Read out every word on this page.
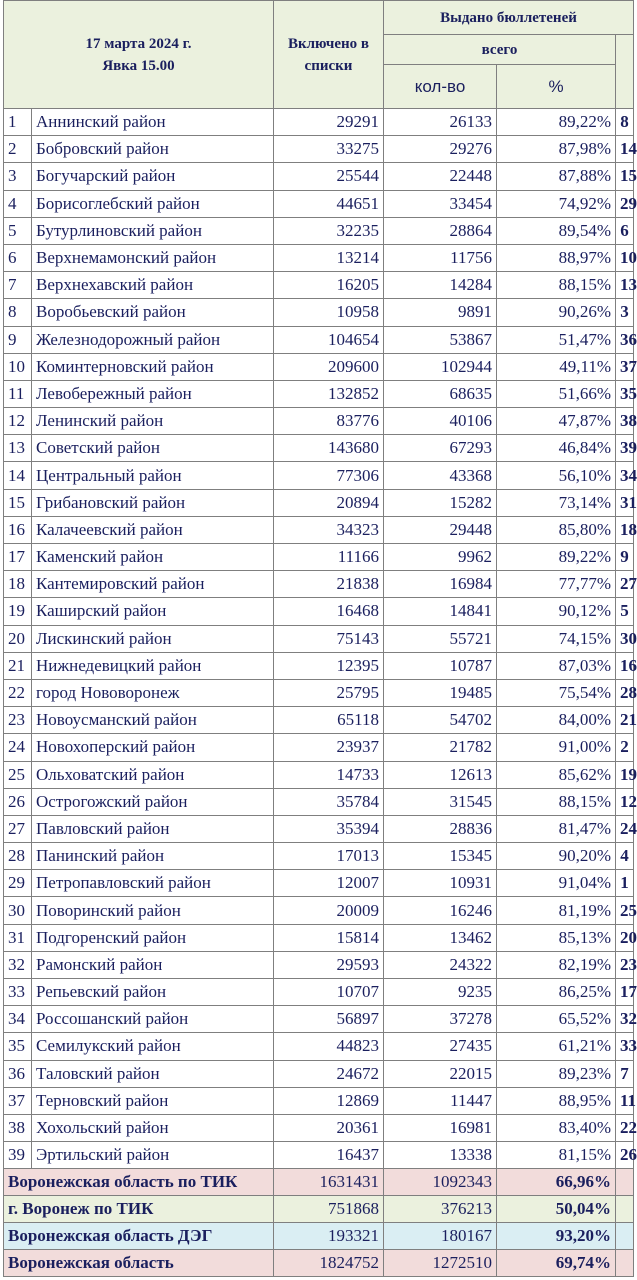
17 марта 2024 г.
Явка 15.00		Включено в списки	Выдано бюллетеней		
			всего		
			кол-во	%	
1	Аннинский район	29291	26133	89,22%	8
2	Бобровский район	33275	29276	87,98%	14
3	Богучарский район	25544	22448	87,88%	15
4	Борисоглебский район	44651	33454	74,92%	29
5	Бутурлиновский район	32235	28864	89,54%	6
6	Верхнемамонский район	13214	11756	88,97%	10
7	Верхнехавский район	16205	14284	88,15%	13
8	Воробьевский район	10958	9891	90,26%	3
9	Железнодорожный район	104654	53867	51,47%	36
10	Коминтерновский район	209600	102944	49,11%	37
11	Левобережный район	132852	68635	51,66%	35
12	Ленинский район	83776	40106	47,87%	38
13	Советский район	143680	67293	46,84%	39
14	Центральный район	77306	43368	56,10%	34
15	Грибановский район	20894	15282	73,14%	31
16	Калачеевский район	34323	29448	85,80%	18
17	Каменский район	11166	9962	89,22%	9
18	Кантемировский район	21838	16984	77,77%	27
19	Каширский район	16468	14841	90,12%	5
20	Лискинский район	75143	55721	74,15%	30
21	Нижнедевицкий район	12395	10787	87,03%	16
22	город Нововоронеж	25795	19485	75,54%	28
23	Новоусманский район	65118	54702	84,00%	21
24	Новохоперский район	23937	21782	91,00%	2
25	Ольховатский район	14733	12613	85,62%	19
26	Острогожский район	35784	31545	88,15%	12
27	Павловский район	35394	28836	81,47%	24
28	Панинский район	17013	15345	90,20%	4
29	Петропавловский район	12007	10931	91,04%	1
30	Поворинский район	20009	16246	81,19%	25
31	Подгоренский район	15814	13462	85,13%	20
32	Рамонский район	29593	24322	82,19%	23
33	Репьевский район	10707	9235	86,25%	17
34	Россошанский район	56897	37278	65,52%	32
35	Семилукский район	44823	27435	61,21%	33
36	Таловский район	24672	22015	89,23%	7
37	Терновский район	12869	11447	88,95%	11
38	Хохольский район	20361	16981	83,40%	22
39	Эртильский район	16437	13338	81,15%	26
Воронежская область по ТИК		1631431	1092343	66,96%	
г. Воронеж по ТИК		751868	376213	50,04%	
Воронежская область ДЭГ		193321	180167	93,20%	
Воронежская область		1824752	1272510	69,74%	
